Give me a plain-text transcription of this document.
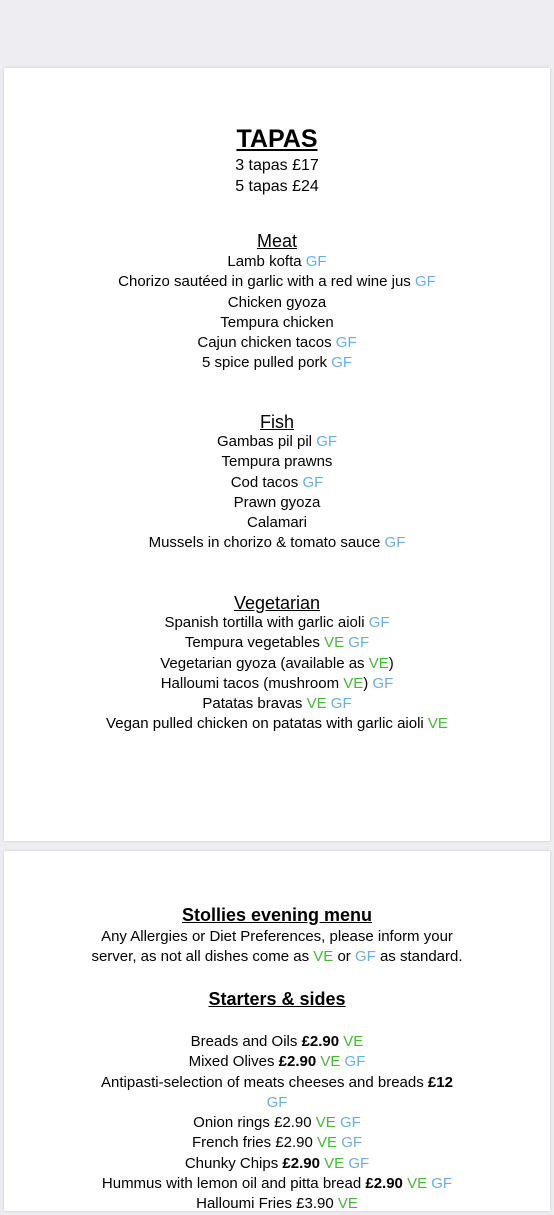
TAPAS
3 tapas £17
5 tapas £24
Meat
Lamb kofta GF
Chorizo sautéed in garlic with a red wine jus GF
Chicken gyoza
Tempura chicken
Cajun chicken tacos GF
5 spice pulled pork GF
Fish
Gambas pil pil GF
Tempura prawns
Cod tacos GF
Prawn gyoza
Calamari
Mussels in chorizo & tomato sauce GF
Vegetarian
Spanish tortilla with garlic aioli GF
Tempura vegetables VE GF
Vegetarian gyoza (available as VE)
Halloumi tacos (mushroom VE) GF
Patatas bravas VE GF
Vegan pulled chicken on patatas with garlic aioli VE
Stollies evening menu
Any Allergies or Diet Preferences, please inform your
server, as not all dishes come as VE or GF as standard.
Starters & sides
Breads and Oils £2.90 VE
Mixed Olives £2.90 VE GF
Antipasti-selection of meats cheeses and breads £12
GF
Onion rings £2.90 VE GF
French fries £2.90 VE GF
Chunky Chips £2.90 VE GF
Hummus with lemon oil and pitta bread £2.90 VE GF
Halloumi Fries £3.90 VE
